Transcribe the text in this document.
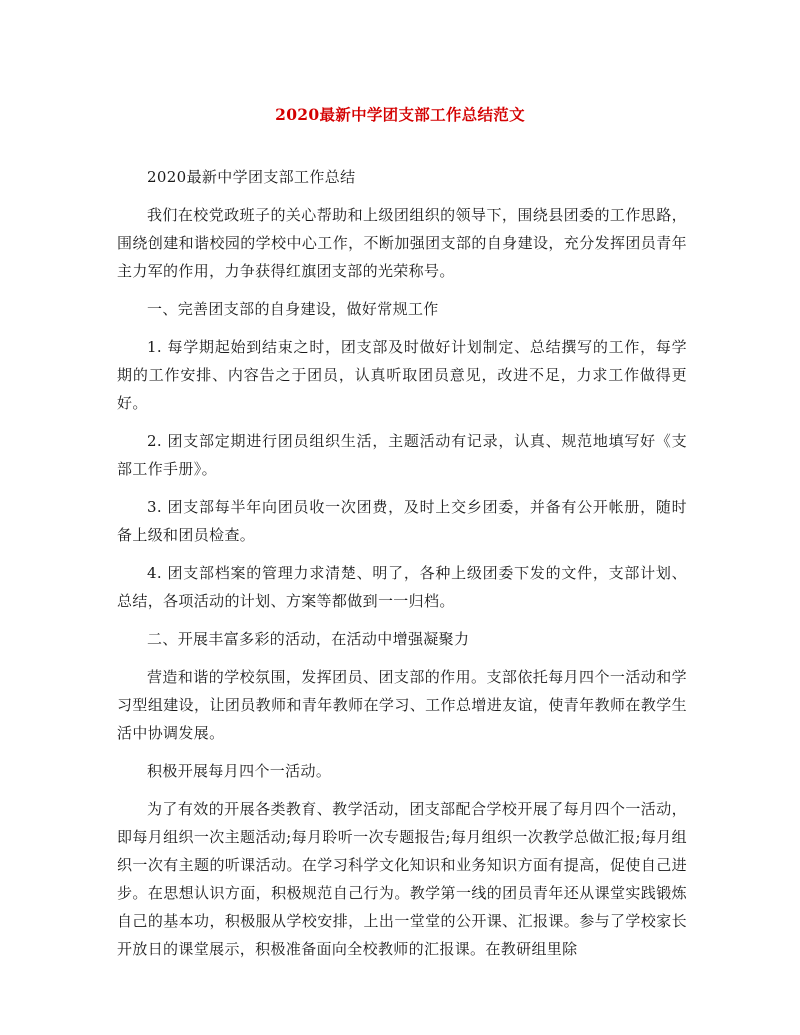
2020最新中学团支部工作总结范文

2020最新中学团支部工作总结

我们在校党政班子的关心帮助和上级团组织的领导下，围绕县团委的工作思路，围绕创建和谐校园的学校中心工作，不断加强团支部的自身建设，充分发挥团员青年主力军的作用，力争获得红旗团支部的光荣称号。

一、完善团支部的自身建设，做好常规工作

1. 每学期起始到结束之时，团支部及时做好计划制定、总结撰写的工作，每学期的工作安排、内容告之于团员，认真听取团员意见，改进不足，力求工作做得更好。

2. 团支部定期进行团员组织生活，主题活动有记录，认真、规范地填写好《支部工作手册》。

3. 团支部每半年向团员收一次团费，及时上交乡团委，并备有公开帐册，随时备上级和团员检查。

4. 团支部档案的管理力求清楚、明了，各种上级团委下发的文件，支部计划、总结，各项活动的计划、方案等都做到一一归档。

二、开展丰富多彩的活动，在活动中增强凝聚力

营造和谐的学校氛围，发挥团员、团支部的作用。支部依托每月四个一活动和学习型组建设，让团员教师和青年教师在学习、工作总增进友谊，使青年教师在教学生活中协调发展。

积极开展每月四个一活动。

为了有效的开展各类教育、教学活动，团支部配合学校开展了每月四个一活动，即每月组织一次主题活动;每月聆听一次专题报告;每月组织一次教学总做汇报;每月组织一次有主题的听课活动。在学习科学文化知识和业务知识方面有提高，促使自己进步。在思想认识方面，积极规范自己行为。教学第一线的团员青年还从课堂实践锻炼自己的基本功，积极服从学校安排，上出一堂堂的公开课、汇报课。参与了学校家长开放日的课堂展示，积极准备面向全校教师的汇报课。在教研组里除
